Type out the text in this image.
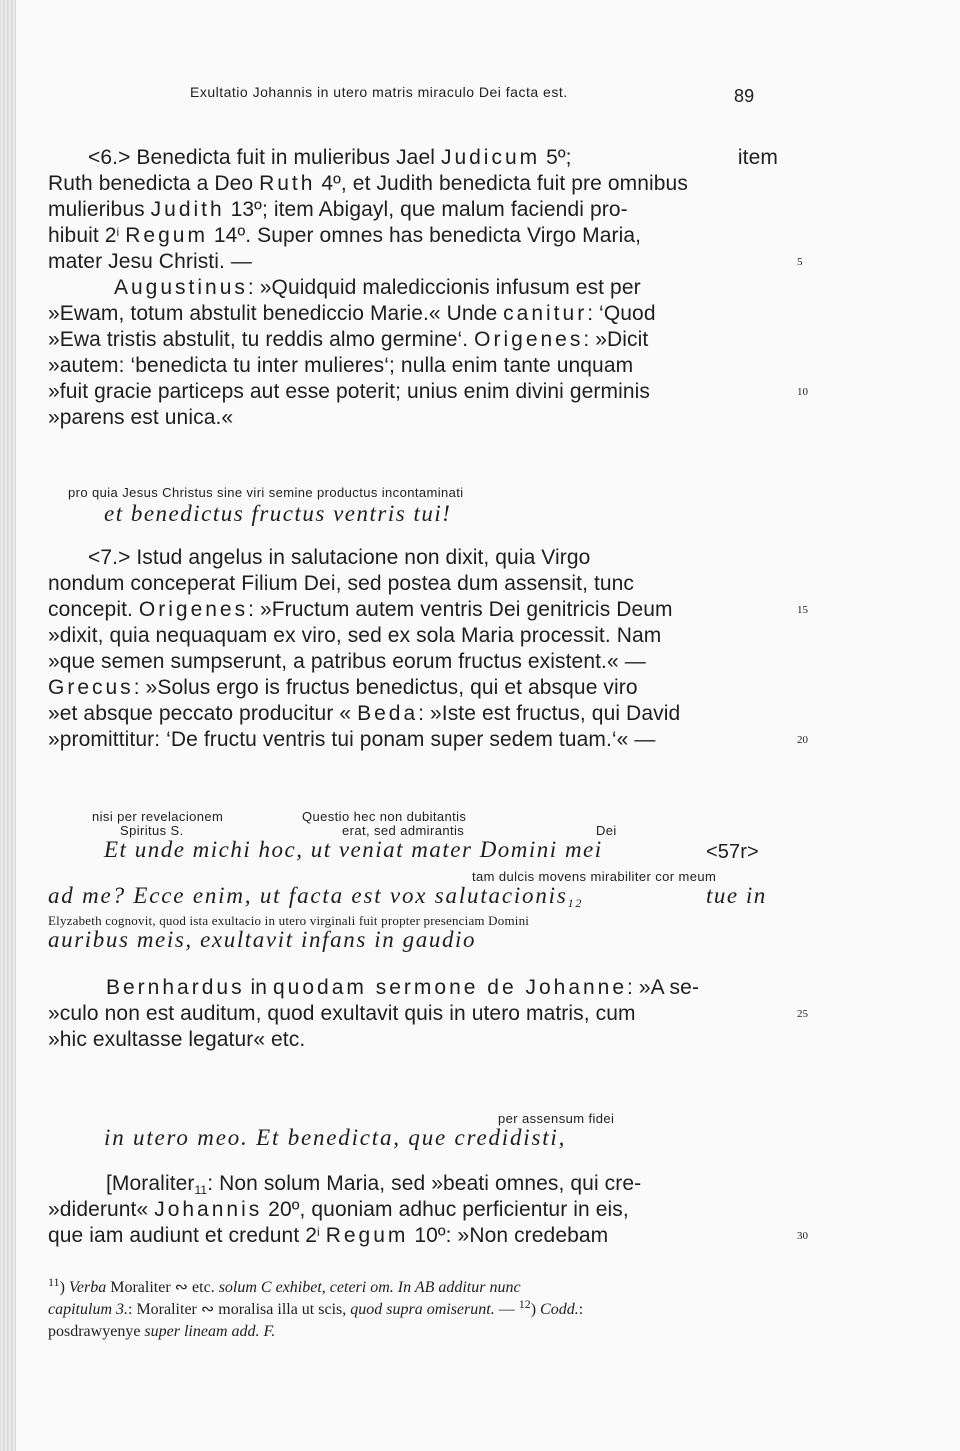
Exultatio Johannis in utero matris miraculo Dei facta est.	89
<6.> Benedicta fuit in mulieribus Jael Judicum 5º;	item
Ruth benedicta a Deo Ruth 4º, et Judith benedicta fuit pre omnibus
mulieribus Judith 13º; item Abigayl, que malum faciendi pro-
hibuit 2$^i$ Regum 14º. Super omnes has benedicta Virgo Maria,
mater Jesu Christi. —
Augustinus: »Quidquid malediccionis infusum est per
»Ewam, totum abstulit benediccio Marie.« Unde canitur: ‘Quod
»Ewa tristis abstulit, tu reddis almo germine‘. Origenes: »Dicit
»autem: ‘benedicta tu inter mulieres‘; nulla enim tante unquam
»fuit gracie particeps aut esse poterit; unius enim divini germinis
»parens est unica.«
pro quia Jesus Christus sine viri semine productus incontaminati
et benedictus fructus ventris tui!
<7.> Istud angelus in salutacione non dixit, quia Virgo
nondum conceperat Filium Dei, sed postea dum assensit, tunc
concepit. Origenes: »Fructum autem ventris Dei genitricis Deum
»dixit, quia nequaquam ex viro, sed ex sola Maria processit. Nam
»que semen sumpserunt, a patribus eorum fructus existent.« —
Grecus: »Solus ergo is fructus benedictus, qui et absque viro
»et absque peccato producitur « Beda: »Iste est fructus, qui David
»promittitur: ‘De fructu ventris tui ponam super sedem tuam.‘« —
nisi per revelacionem
Spiritus S.
Questio hec non dubitantis
erat, sed admirantis	Dei
Et unde michi hoc, ut veniat mater Domini mei	<57r>
tam dulcis movens mirabiliter cor meum
ad me? Ecce enim, ut facta est vox salutacionis$_{12}$	tue in
Elyzabeth cognovit, quod ista exultacio in utero virginali fuit propter presenciam Domini
auribus meis, exultavit infans in gaudio
Bernhardus in quodam sermone de Johanne: »A se-
»culo non est auditum, quod exultavit quis in utero matris, cum
»hic exultasse legatur« etc.
per assensum fidei
in utero meo. Et benedicta, que credidisti,
[Moraliter$_{11}$: Non solum Maria, sed »beati omnes, qui cre-
»diderunt« Johannis 20º, quoniam adhuc perficientur in eis,
que iam audiunt et credunt 2$^i$ Regum 10º: »Non credebam
5
10
15
20
25
30
$^{11}$) Verba Moraliter ∾ etc. solum C exhibet, ceteri om. In AB additur nunc
capitulum 3.: Moraliter ∾ moralisa illa ut scis, quod supra omiserunt. — $^{12}$) Codd.:
posdrawyenye super lineam add. F.
